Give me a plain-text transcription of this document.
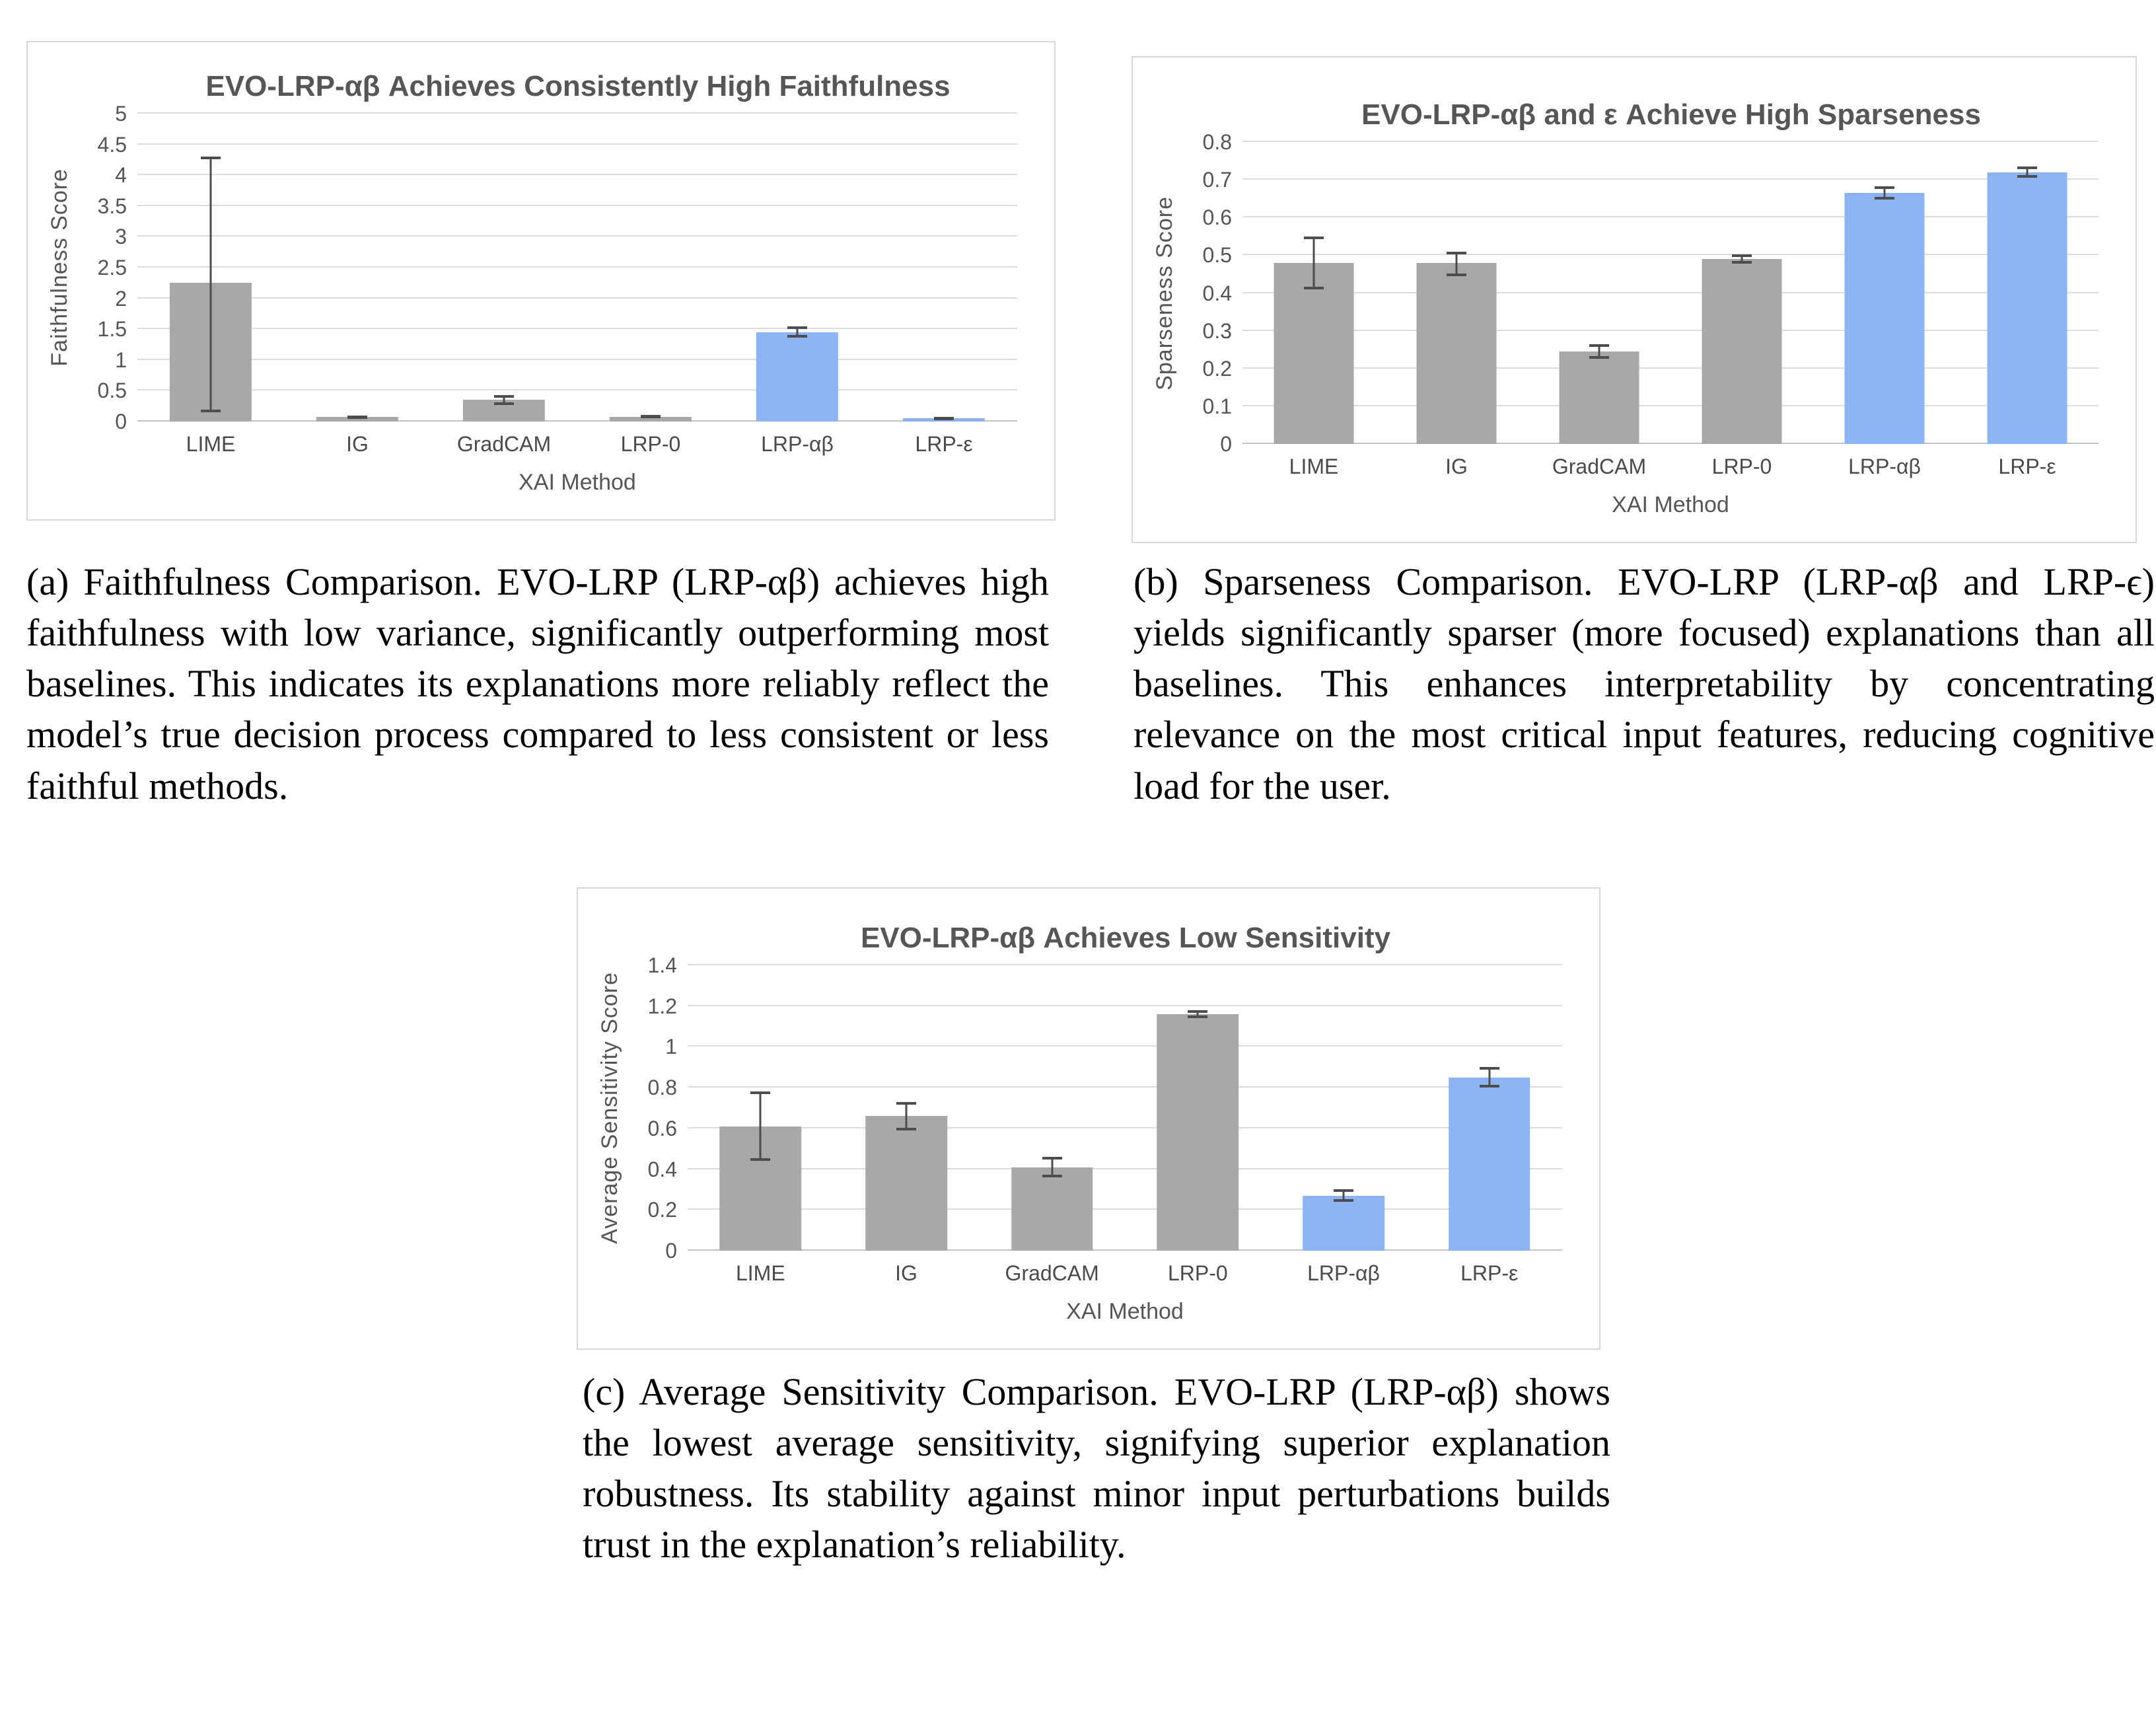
EVO-LRP-αβ Achieves Consistently High Faithfulness
Faithfulness Score
0
0.5
1
1.5
2
2.5
3
3.5
4
4.5
5
LIME	IG	GradCAM	LRP-0	LRP-αβ	LRP-ε
XAI Method
EVO-LRP-αβ and ε Achieve High Sparseness
Sparseness Score
0
0.1
0.2
0.3
0.4
0.5
0.6
0.7
0.8
LIME	IG	GradCAM	LRP-0	LRP-αβ	LRP-ε
XAI Method
(a) Faithfulness Comparison. EVO-LRP (LRP-αβ) achieves high faithfulness with low variance, significantly outperforming most baselines. This indicates its explanations more reliably reflect the model’s true decision process compared to less consistent or less faithful methods.
(b) Sparseness Comparison. EVO-LRP (LRP-αβ and LRP-ϵ) yields significantly sparser (more focused) explanations than all baselines. This enhances interpretability by concentrating relevance on the most critical input features, reducing cognitive load for the user.
EVO-LRP-αβ Achieves Low Sensitivity
Average Sensitivity Score
0
0.2
0.4
0.6
0.8
1
1.2
1.4
LIME	IG	GradCAM	LRP-0	LRP-αβ	LRP-ε
XAI Method
(c) Average Sensitivity Comparison. EVO-LRP (LRP-αβ) shows the lowest average sensitivity, signifying superior explanation robustness. Its stability against minor input perturbations builds trust in the explanation’s reliability.
